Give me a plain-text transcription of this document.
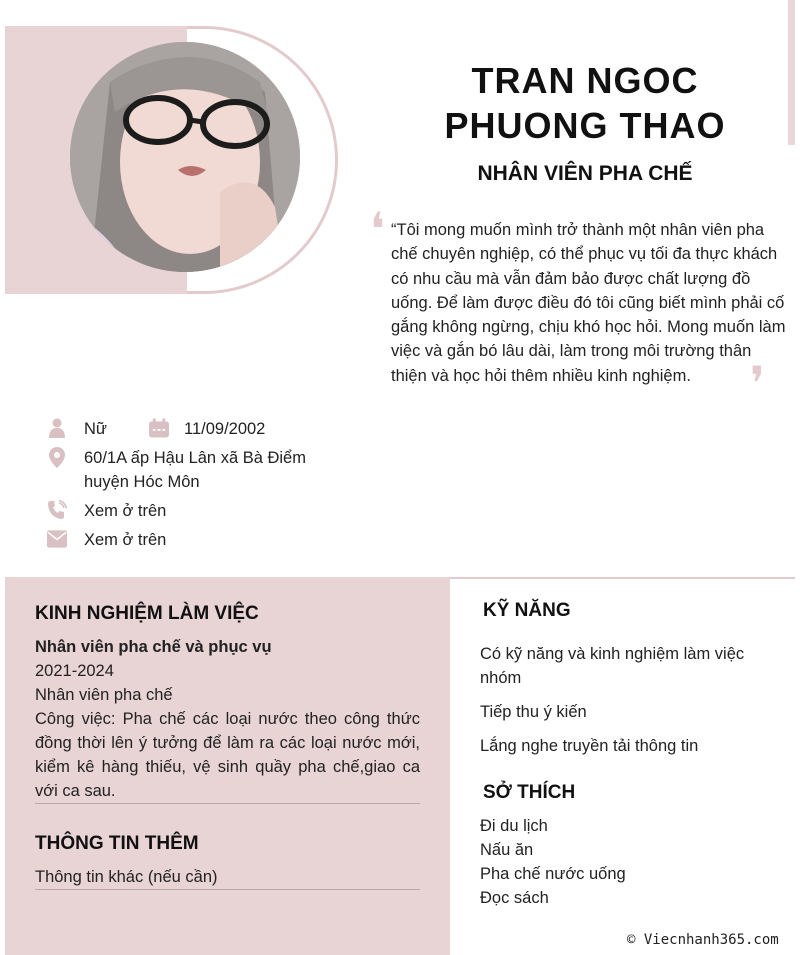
TRAN NGOC PHUONG THAO
NHÂN VIÊN PHA CHẾ
❛ “Tôi mong muốn mình trở thành một nhân viên pha chế chuyên nghiệp, có thể phục vụ tối đa thực khách có nhu cầu mà vẫn đảm bảo được chất lượng đồ uống. Để làm được điều đó tôi cũng biết mình phải cố gắng không ngừng, chịu khó học hỏi. Mong muốn làm việc và gắn bó lâu dài, làm trong môi trường thân thiện và học hỏi thêm nhiều kinh nghiệm.	❜
Nữ	11/09/2002
60/1A ấp Hậu Lân xã Bà Điểm
huyện Hóc Môn
Xem ở trên
Xem ở trên
KINH NGHIỆM LÀM VIỆC
Nhân viên pha chế và phục vụ
2021-2024
Nhân viên pha chế
Công việc: Pha chế các loại nước theo công thức đồng thời lên ý tưởng để làm ra các loại nước mới, kiểm kê hàng thiếu, vệ sinh quầy pha chế,giao ca với ca sau.
THÔNG TIN THÊM
Thông tin khác (nếu cần)
KỸ NĂNG
Có kỹ năng và kinh nghiệm làm việc nhóm
Tiếp thu ý kiến
Lắng nghe truyền tải thông tin
SỞ THÍCH
Đi du lịch
Nấu ăn
Pha chế nước uống
Đọc sách
© Viecnhanh365.com
